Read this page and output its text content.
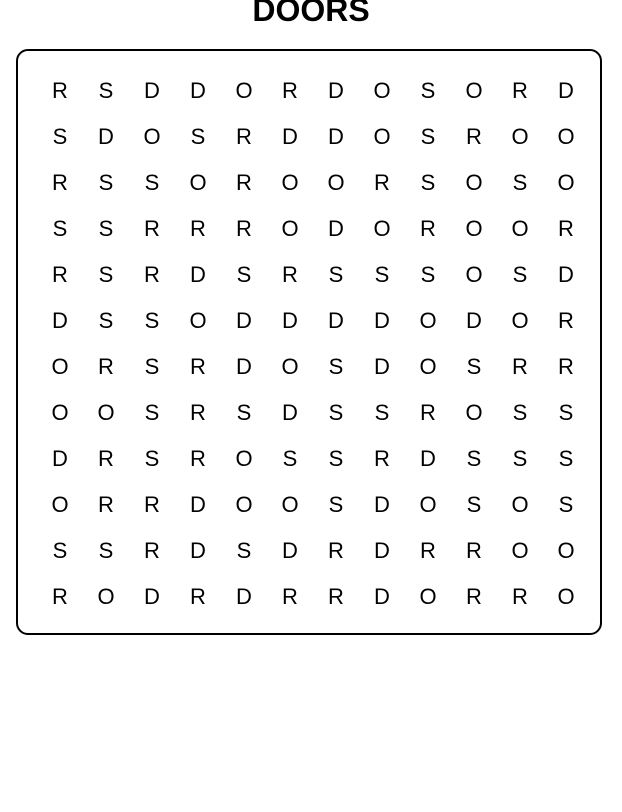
DOORS
R	S	D	D	O	R	D	O	S	O	R	D
S	D	O	S	R	D	D	O	S	R	O	O
R	S	S	O	R	O	O	R	S	O	S	O
S	S	R	R	R	O	D	O	R	O	O	R
R	S	R	D	S	R	S	S	S	O	S	D
D	S	S	O	D	D	D	D	O	D	O	R
O	R	S	R	D	O	S	D	O	S	R	R
O	O	S	R	S	D	S	S	R	O	S	S
D	R	S	R	O	S	S	R	D	S	S	S
O	R	R	D	O	O	S	D	O	S	O	S
S	S	R	D	S	D	R	D	R	R	O	O
R	O	D	R	D	R	R	D	O	R	R	O
